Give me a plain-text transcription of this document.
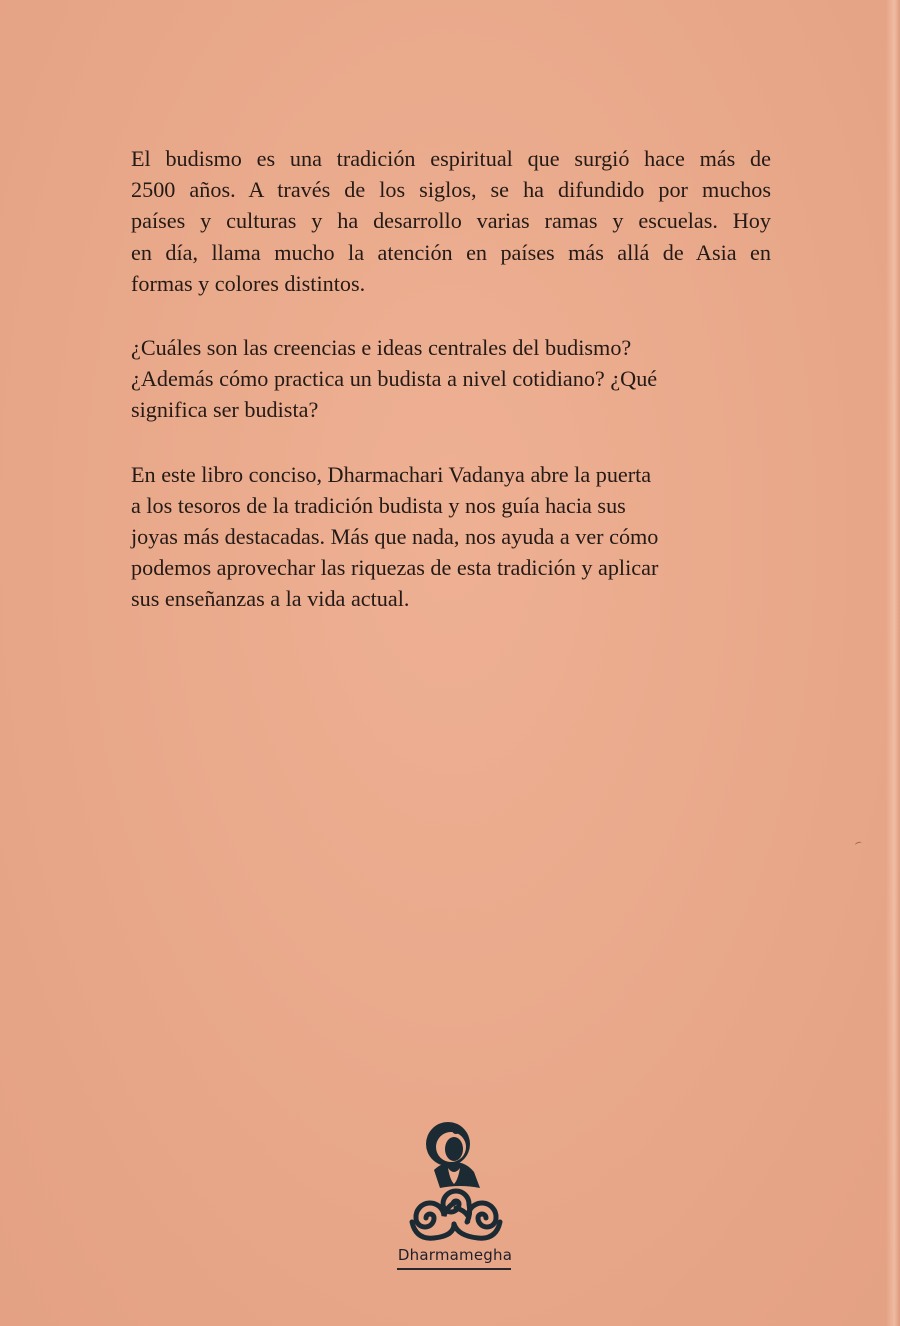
El budismo es una tradición espiritual que surgió hace más de
2500 años. A través de los siglos, se ha difundido por muchos
países y culturas y ha desarrollo varias ramas y escuelas. Hoy
en día, llama mucho la atención en países más allá de Asia en
formas y colores distintos.

¿Cuáles son las creencias e ideas centrales del budismo?
¿Además cómo practica un budista a nivel cotidiano? ¿Qué
significa ser budista?

En este libro conciso, Dharmachari Vadanya abre la puerta
a los tesoros de la tradición budista y nos guía hacia sus
joyas más destacadas. Más que nada, nos ayuda a ver cómo
podemos aprovechar las riquezas de esta tradición y aplicar
sus enseñanzas a la vida actual.

Dharmamegha
